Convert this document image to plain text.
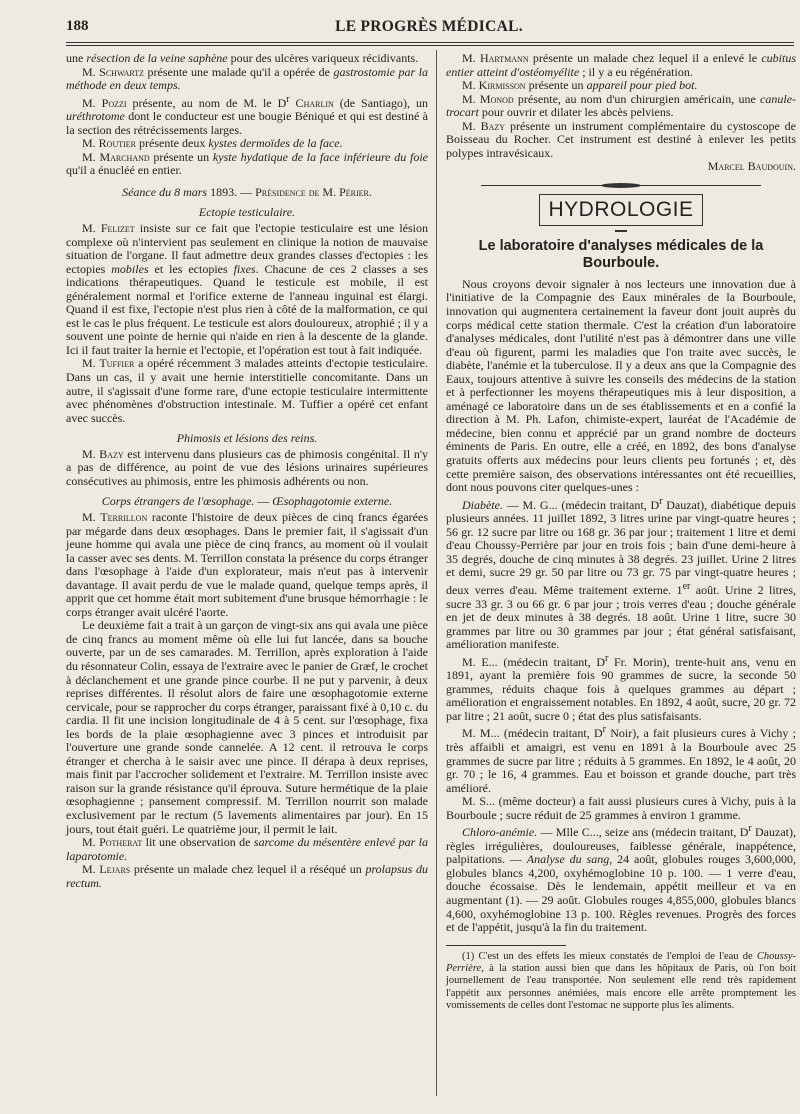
188	LE PROGRÈS MÉDICAL.

une résection de la veine saphène pour des ulcères variqueux récidivants.

M. Schwartz présente une malade qu'il a opérée de gastrostomie par la méthode en deux temps.

M. Pozzi présente, au nom de M. le $D^r$ Charlin (de Santiago), un uréthrotome dont le conducteur est une bougie Béniqué et qui est destiné à la section des rétrécissements larges.

M. Routier présente deux kystes dermoïdes de la face.

M. Marchand présente un kyste hydatique de la face inférieure du foie qu'il a énucléé en entier.

Séance du 8 mars 1893. — Présidence de M. Périer.

Ectopie testiculaire.

M. Felizet insiste sur ce fait que l'ectopie testiculaire est une lésion complexe où n'intervient pas seulement en clinique la notion de mauvaise situation de l'organe. Il faut admettre deux grandes classes d'ectopies : les ectopies mobiles et les ectopies fixes. Chacune de ces 2 classes a ses indications thérapeutiques. Quand le testicule est mobile, il est généralement normal et l'orifice externe de l'anneau inguinal est élargi. Quand il est fixe, l'ectopie n'est plus rien à côté de la malformation, ce qui est le cas le plus fréquent. Le testicule est alors douloureux, atrophié ; il y a souvent une pointe de hernie qui n'aide en rien à la descente de la glande. Ici il faut traiter la hernie et l'ectopie, et l'opération est tout à fait indiquée.

M. Tuffier a opéré récemment 3 malades atteints d'ectopie testiculaire. Dans un cas, il y avait une hernie interstitielle concomitante. Dans un autre, il s'agissait d'une forme rare, d'une ectopie testiculaire intermittente avec phénomènes d'obstruction intestinale. M. Tuffier a opéré cet enfant avec succès.

Phimosis et lésions des reins.

M. Bazy est intervenu dans plusieurs cas de phimosis congénital. Il n'y a pas de différence, au point de vue des lésions urinaires supérieures consécutives au phimosis, entre les phimosis adhérents ou non.

Corps étrangers de l'œsophage. — Œsophagotomie externe.

M. Terrillon raconte l'histoire de deux pièces de cinq francs égarées par mégarde dans deux œsophages. Dans le premier fait, il s'agissait d'un jeune homme qui avala une pièce de cinq francs, au moment où il voulait la casser avec ses dents. M. Terrillon constata la présence du corps étranger dans l'œsophage à l'aide d'un explorateur, mais n'eut pas à intervenir davantage. Il avait perdu de vue le malade quand, quelque temps après, il apprit que cet homme était mort subitement d'une brusque hémorrhagie : le corps étranger avait ulcéré l'aorte.

Le deuxième fait a trait à un garçon de vingt-six ans qui avala une pièce de cinq francs au moment même où elle lui fut lancée, dans sa bouche ouverte, par un de ses camarades. M. Terrillon, après exploration à l'aide du résonnateur Colin, essaya de l'extraire avec le panier de Græf, le crochet à déclanchement et une grande pince courbe. Il ne put y parvenir, à deux reprises différentes. Il résolut alors de faire une œsophagotomie externe cervicale, pour se rapprocher du corps étranger, paraissant fixé à 0,10 c. du cardia. Il fit une incision longitudinale de 4 à 5 cent. sur l'œsophage, fixa les bords de la plaie œsophagienne avec 3 pinces et introduisit par l'ouverture une grande sonde cannelée. A 12 cent. il retrouva le corps étranger et chercha à le saisir avec une pince. Il dérapa à deux reprises, mais finit par l'accrocher solidement et l'extraire. M. Terrillon insiste avec raison sur la grande résistance qu'il éprouva. Suture hermétique de la plaie œsophagienne ; pansement compressif. M. Terrillon nourrit son malade exclusivement par le rectum (5 lavements alimentaires par jour). En 15 jours, tout était guéri. Le quatrième jour, il permit le lait.

M. Potherat lit une observation de sarcome du mésentère enlevé par la laparotomie.

M. Lejars présente un malade chez lequel il a réséqué un prolapsus du rectum.

M. Hartmann présente un malade chez lequel il a enlevé le cubitus entier atteint d'ostéomyélite ; il y a eu régénération.

M. Kirmisson présente un appareil pour pied bot.

M. Monod présente, au nom d'un chirurgien américain, une canule-trocart pour ouvrir et dilater les abcès pelviens.

M. Bazy présente un instrument complémentaire du cystoscope de Boisseau du Rocher. Cet instrument est destiné à enlever les petits polypes intravésicaux.

Marcel Baudouin.

HYDROLOGIE
Le laboratoire d'analyses médicales de la Bourboule.

Nous croyons devoir signaler à nos lecteurs une innovation due à l'initiative de la Compagnie des Eaux minérales de la Bourboule, innovation qui augmentera certainement la faveur dont jouit auprès du corps médical cette station thermale. C'est la création d'un laboratoire d'analyses médicales, dont l'utilité n'est pas à démontrer dans une ville d'eau où figurent, parmi les maladies que l'on traite avec succès, le diabète, l'anémie et la tuberculose. Il y a deux ans que la Compagnie des Eaux, toujours attentive à suivre les conseils des médecins de la station et à perfectionner les moyens thérapeutiques mis à leur disposition, a aménagé ce laboratoire dans un de ses établissements et en a confié la direction à M. Ph. Lafon, chimiste-expert, lauréat de l'Académie de médecine, bien connu et apprécié par un grand nombre de docteurs éminents de Paris. En outre, elle a créé, en 1892, des bons d'analyse gratuits offerts aux médecins pour leurs clients peu fortunés ; et, dès cette première saison, des observations intéressantes ont été recueillies, dont nous pouvons citer quelques-unes :

Diabète. — M. G... (médecin traitant, $D^r$ Dauzat), diabétique depuis plusieurs années. 11 juillet 1892, 3 litres urine par vingt-quatre heures ; 56 gr. 12 sucre par litre ou 168 gr. 36 par jour ; traitement 1 litre et demi d'eau Choussy-Perrière par jour en trois fois ; bain d'une demi-heure à 35 degrés, douche de cinq minutes à 38 degrés. 23 juillet. Urine 2 litres et demi, sucre 29 gr. 50 par litre ou 73 gr. 75 par vingt-quatre heures ; deux verres d'eau. Même traitement externe. 1er août. Urine 2 litres, sucre 33 gr. 3 ou 66 gr. 6 par jour ; trois verres d'eau ; douche générale en jet de deux minutes à 38 degrés. 18 août. Urine 1 litre, sucre 30 grammes par litre ou 30 grammes par jour ; état général satisfaisant, amélioration manifeste.

M. E... (médecin traitant, $D^r$ Fr. Morin), trente-huit ans, venu en 1891, ayant la première fois 90 grammes de sucre, la seconde 50 grammes, réduits chaque fois à quelques grammes au départ ; amélioration et engraissement notables. En 1892, 4 août, sucre, 20 gr. 72 par litre ; 21 août, sucre 0 ; état des plus satisfaisants.

M. M... (médecin traitant, $D^r$ Noir), a fait plusieurs cures à Vichy ; très affaibli et amaigri, est venu en 1891 à la Bourboule avec 25 grammes de sucre par litre ; réduits à 5 grammes. En 1892, le 4 août, 20 gr. 70 ; le 16, 4 grammes. Eau et boisson et grande douche, part très amélioré.

M. S... (même docteur) a fait aussi plusieurs cures à Vichy, puis à la Bourboule ; sucre réduit de 25 grammes à environ 1 gramme.

Chloro-anémie. — Mlle C..., seize ans (médecin traitant, $D^r$ Dauzat), règles irrégulières, douloureuses, faiblesse générale, inappétence, palpitations. — Analyse du sang, 24 août, globules rouges 3,600,000, globules blancs 4,200, oxyhémoglobine 10 p. 100. — 1 verre d'eau, douche écossaise. Dès le lendemain, appétit meilleur et va en augmentant (1). — 29 août. Globules rouges 4,855,000, globules blancs 4,600, oxyhémoglobine 13 p. 100. Règles revenues. Progrès des forces et de l'appétit, jusqu'à la fin du traitement.

(1) C'est un des effets les mieux constatés de l'emploi de l'eau de Choussy-Perrière, à la station aussi bien que dans les hôpitaux de Paris, où l'on boit journellement de l'eau transportée. Non seulement elle rend très rapidement l'appétit aux personnes anémiées, mais encore elle arrête promptement les vomissements de celles dont l'estomac ne supporte plus les aliments.
